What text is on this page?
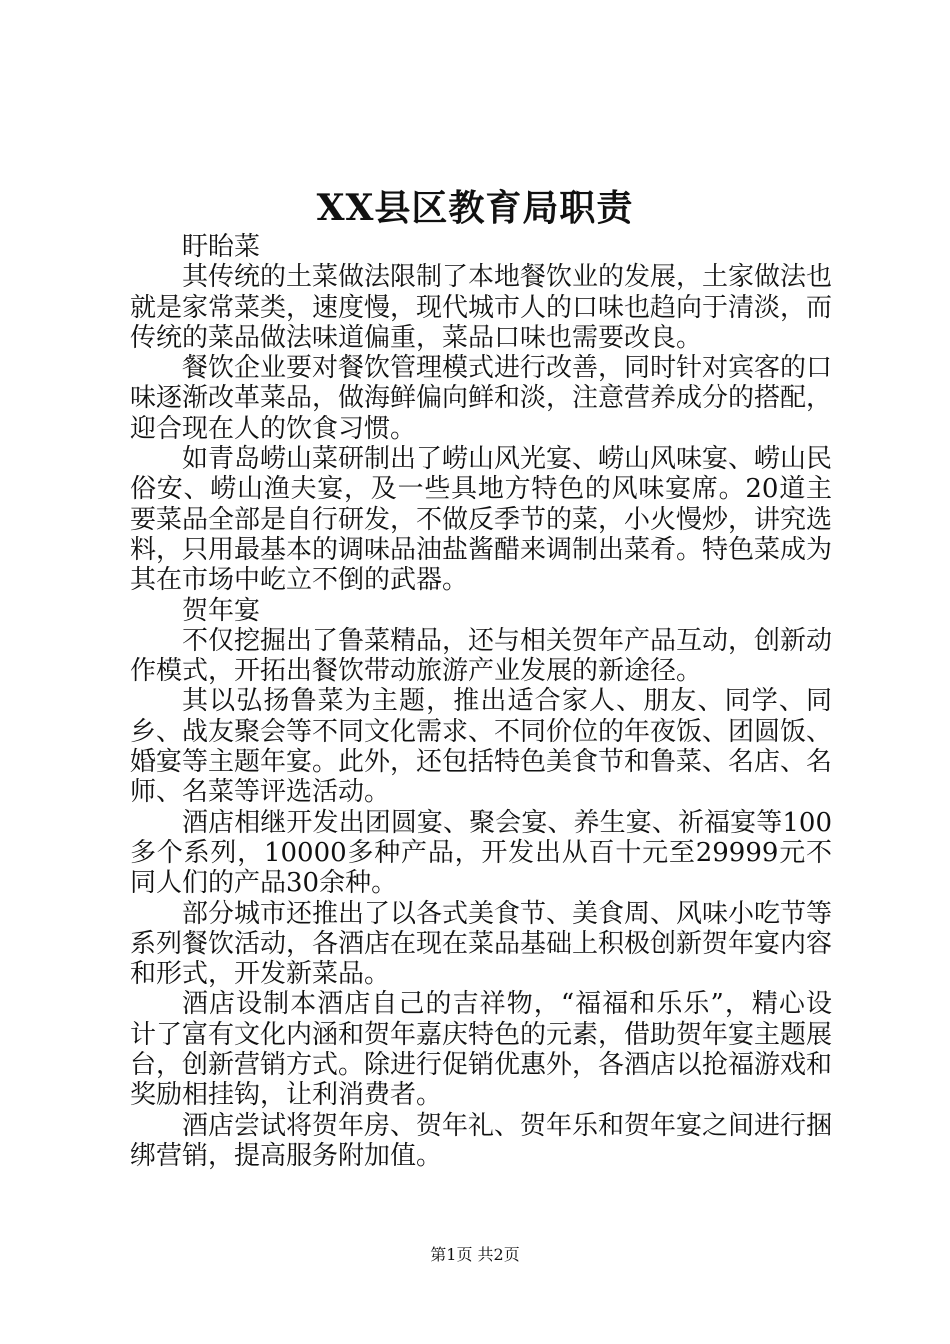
XX县区教育局职责

盱眙菜

其传统的土菜做法限制了本地餐饮业的发展，土家做法也就是家常菜类，速度慢，现代城市人的口味也趋向于清淡，而传统的菜品做法味道偏重，菜品口味也需要改良。

餐饮企业要对餐饮管理模式进行改善，同时针对宾客的口味逐渐改革菜品，做海鲜偏向鲜和淡，注意营养成分的搭配，迎合现在人的饮食习惯。

如青岛崂山菜研制出了崂山风光宴、崂山风味宴、崂山民俗安、崂山渔夫宴，及一些具地方特色的风味宴席。20道主要菜品全部是自行研发，不做反季节的菜，小火慢炒，讲究选料，只用最基本的调味品油盐酱醋来调制出菜肴。特色菜成为其在市场中屹立不倒的武器。

贺年宴

不仅挖掘出了鲁菜精品，还与相关贺年产品互动，创新动作模式，开拓出餐饮带动旅游产业发展的新途径。

其以弘扬鲁菜为主题，推出适合家人、朋友、同学、同乡、战友聚会等不同文化需求、不同价位的年夜饭、团圆饭、婚宴等主题年宴。此外，还包括特色美食节和鲁菜、名店、名师、名菜等评选活动。

酒店相继开发出团圆宴、聚会宴、养生宴、祈福宴等100多个系列，10000多种产品，开发出从百十元至29999元不同人们的产品30余种。

部分城市还推出了以各式美食节、美食周、风味小吃节等系列餐饮活动，各酒店在现在菜品基础上积极创新贺年宴内容和形式，开发新菜品。

酒店设制本酒店自己的吉祥物，“福福和乐乐”，精心设计了富有文化内涵和贺年嘉庆特色的元素，借助贺年宴主题展台，创新营销方式。除进行促销优惠外，各酒店以抢福游戏和奖励相挂钩，让利消费者。

酒店尝试将贺年房、贺年礼、贺年乐和贺年宴之间进行捆绑营销，提高服务附加值。

第1页 共2页
